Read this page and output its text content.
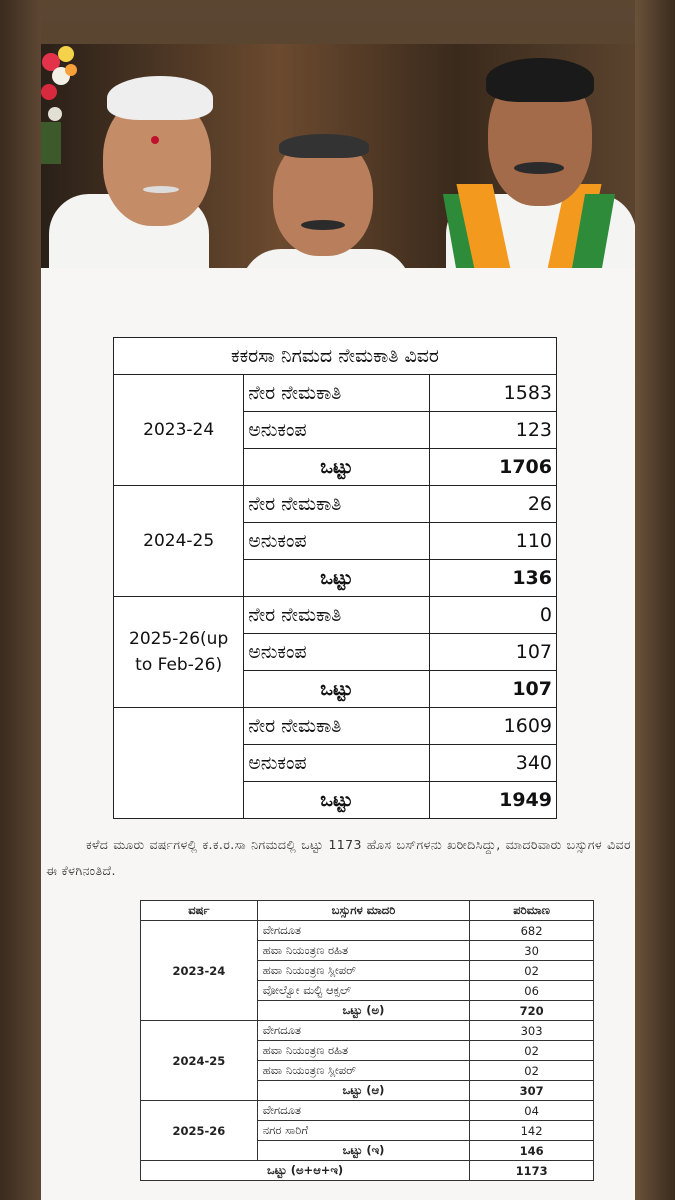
ಕಕರಸಾ ನಿಗಮದ ನೇಮಕಾತಿ ವಿವರ		
2023-24	ನೇರ ನೇಮಕಾತಿ	1583
	ಅನುಕಂಪ	123
	ಒಟ್ಟು	1706
2024-25	ನೇರ ನೇಮಕಾತಿ	26
	ಅನುಕಂಪ	110
	ಒಟ್ಟು	136
2025-26(up to Feb-26)	ನೇರ ನೇಮಕಾತಿ	0
	ಅನುಕಂಪ	107
	ಒಟ್ಟು	107
	ನೇರ ನೇಮಕಾತಿ	1609
	ಅನುಕಂಪ	340
	ಒಟ್ಟು	1949
ಕಳೆದ ಮೂರು ವರ್ಷಗಳಲ್ಲಿ ಕ.ಕ.ರ.ಸಾ ನಿಗಮದಲ್ಲಿ ಒಟ್ಟು 1173 ಹೊಸ ಬಸ್‌ಗಳನು ಖರೀದಿಸಿದ್ದು, ಮಾದರಿವಾರು ಬಸ್ಸುಗಳ ವಿವರ ಈ ಕೆಳಗಿನಂತಿದೆ.
ವರ್ಷ	ಬಸ್ಸುಗಳ ಮಾದರಿ	ಪರಿಮಾಣ
2023-24	ವೇಗದೂತ	682
	ಹವಾ ನಿಯಂತ್ರಣ ರಹಿತ	30
	ಹವಾ ನಿಯಂತ್ರಣ ಸ್ಲೀಪರ್	02
	ವೋಲ್ವೋ ಮಲ್ಟಿ ಆಕ್ಸಲ್	06
	ಒಟ್ಟು (ಅ)	720
2024-25	ವೇಗದೂತ	303
	ಹವಾ ನಿಯಂತ್ರಣ ರಹಿತ	02
	ಹವಾ ನಿಯಂತ್ರಣ ಸ್ಲೀಪರ್	02
	ಒಟ್ಟು (ಆ)	307
2025-26	ವೇಗದೂತ	04
	ನಗರ ಸಾರಿಗೆ	142
	ಒಟ್ಟು (ಇ)	146
ಒಟ್ಟು (ಅ+ಆ+ಇ)		1173
